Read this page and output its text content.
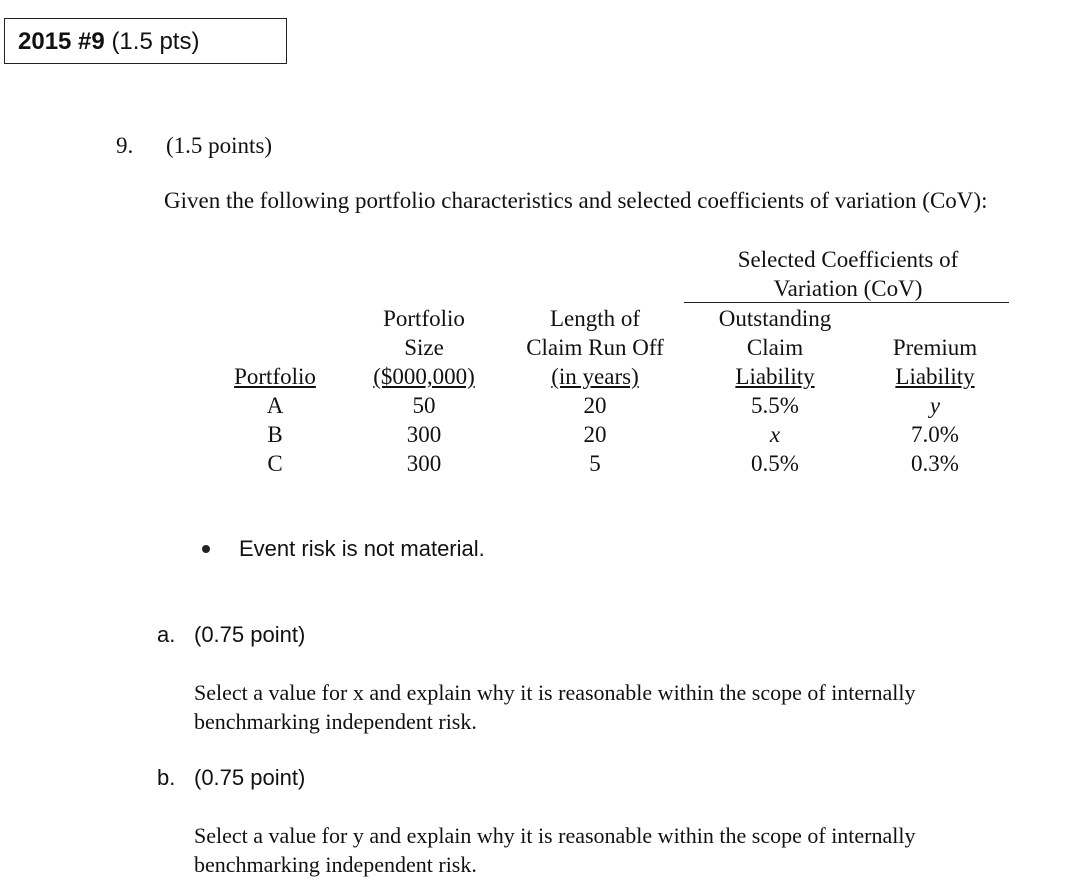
2015 #9 (1.5 pts)
9. (1.5 points)
Given the following portfolio characteristics and selected coefficients of variation (CoV):
Selected Coefficients of
Variation (CoV)
Portfolio
A
B
C
Portfolio
Size
($000,000)
50
300
300
Length of
Claim Run Off
(in years)
20
20
5
Outstanding
Claim
Liability
5.5%
x
0.5%
Premium
Liability
y
7.0%
0.3%
Event risk is not material.
a. (0.75 point)
Select a value for x and explain why it is reasonable within the scope of internally benchmarking independent risk.
b. (0.75 point)
Select a value for y and explain why it is reasonable within the scope of internally benchmarking independent risk.
